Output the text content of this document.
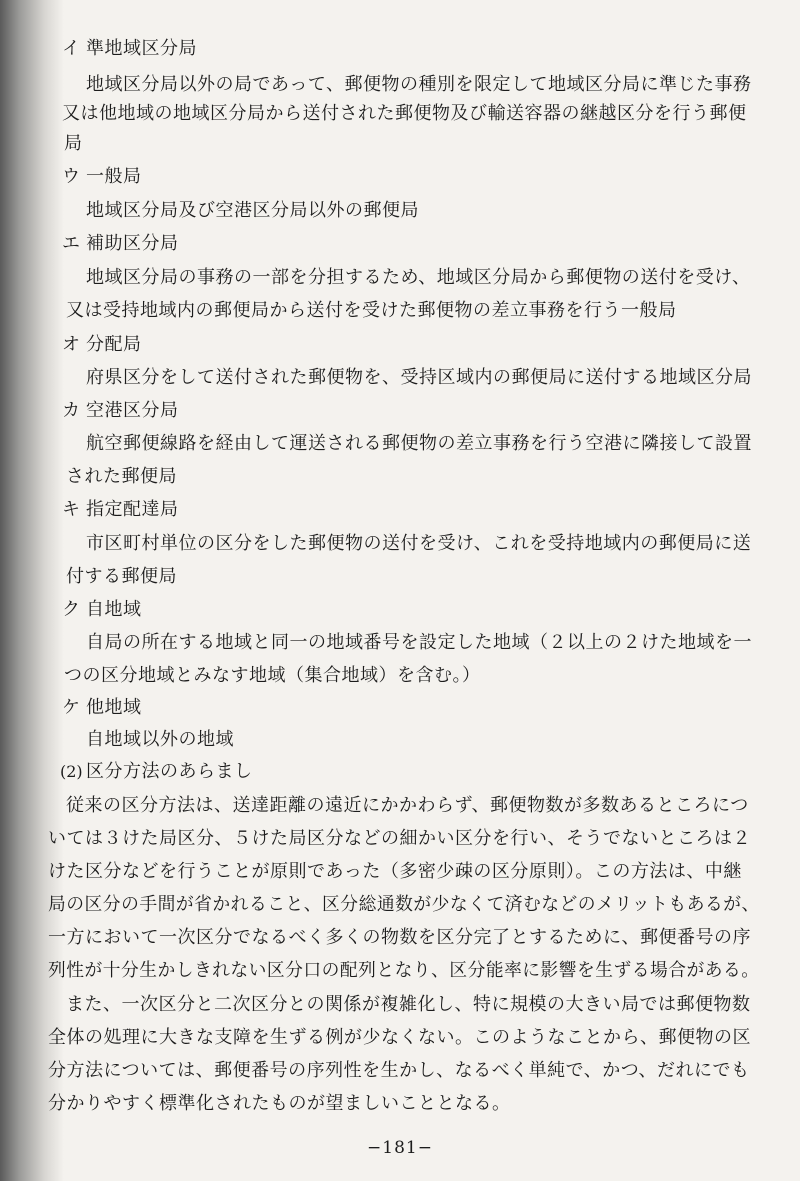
イ 準地域区分局
地域区分局以外の局であって、郵便物の種別を限定して地域区分局に準じた事務
又は他地域の地域区分局から送付された郵便物及び輸送容器の継越区分を行う郵便
局
ウ 一般局
地域区分局及び空港区分局以外の郵便局
エ 補助区分局
地域区分局の事務の一部を分担するため、地域区分局から郵便物の送付を受け、
又は受持地域内の郵便局から送付を受けた郵便物の差立事務を行う一般局
オ 分配局
府県区分をして送付された郵便物を、受持区域内の郵便局に送付する地域区分局
カ 空港区分局
航空郵便線路を経由して運送される郵便物の差立事務を行う空港に隣接して設置
された郵便局
キ 指定配達局
市区町村単位の区分をした郵便物の送付を受け、これを受持地域内の郵便局に送
付する郵便局
ク 自地域
自局の所在する地域と同一の地域番号を設定した地域（２以上の２けた地域を一
つの区分地域とみなす地域（集合地域）を含む。）
ケ 他地域
自地域以外の地域
(2) 区分方法のあらまし
従来の区分方法は、送達距離の遠近にかかわらず、郵便物数が多数あるところにつ
いては３けた局区分、５けた局区分などの細かい区分を行い、そうでないところは２
けた区分などを行うことが原則であった（多密少疎の区分原則）。この方法は、中継
局の区分の手間が省かれること、区分総通数が少なくて済むなどのメリットもあるが、
一方において一次区分でなるべく多くの物数を区分完了とするために、郵便番号の序
列性が十分生かしきれない区分口の配列となり、区分能率に影響を生ずる場合がある。
また、一次区分と二次区分との関係が複雑化し、特に規模の大きい局では郵便物数
全体の処理に大きな支障を生ずる例が少なくない。このようなことから、郵便物の区
分方法については、郵便番号の序列性を生かし、なるべく単純で、かつ、だれにでも
分かりやすく標準化されたものが望ましいこととなる。
−181−
